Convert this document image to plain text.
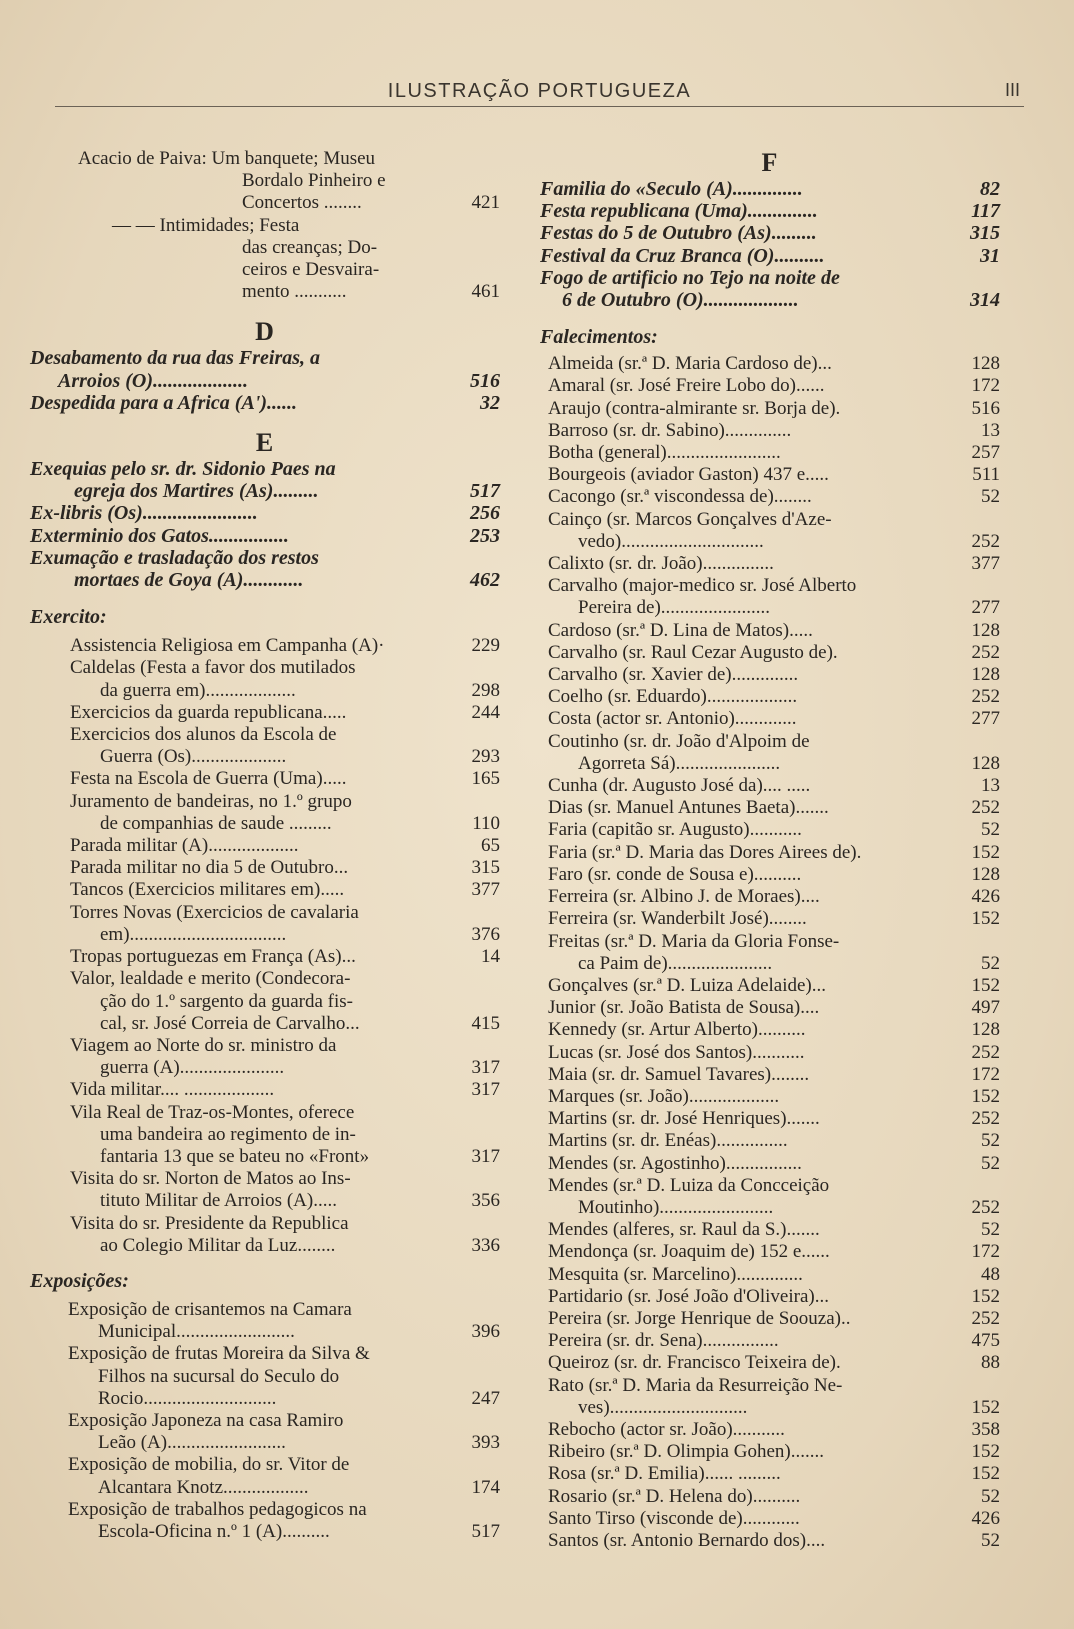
ILUSTRAÇÃO PORTUGUEZA	III
Acacio de Paiva: Um banquete; Museu
Bordalo Pinheiro e
Concertos ........	421
— — Intimidades; Festa
das creanças; Do-
ceiros e Desvaira-
mento ...........	461
D
Desabamento da rua das Freiras, a
Arroios (O)...................	516
Despedida para a Africa (A')......	32
E
Exequias pelo sr. dr. Sidonio Paes na
egreja dos Martires (As).........	517
Ex-libris (Os).......................	256
Exterminio dos Gatos................	253
Exumação e trasladação dos restos
mortaes de Goya (A)............	462
Exercito:
Assistencia Religiosa em Campanha (A)·	229
Caldelas (Festa a favor dos mutilados
da guerra em)...................	298
Exercicios da guarda republicana.....	244
Exercicios dos alunos da Escola de
Guerra (Os)....................	293
Festa na Escola de Guerra (Uma).....	165
Juramento de bandeiras, no 1.º grupo
de companhias de saude .........	110
Parada militar (A)...................	65
Parada militar no dia 5 de Outubro...	315
Tancos (Exercicios militares em).....	377
Torres Novas (Exercicios de cavalaria
em).................................	376
Tropas portuguezas em França (As)...	14
Valor, lealdade e merito (Condecora-
ção do 1.º sargento da guarda fis-
cal, sr. José Correia de Carvalho...	415
Viagem ao Norte do sr. ministro da
guerra (A)......................	317
Vida militar.... ...................	317
Vila Real de Traz-os-Montes, oferece
uma bandeira ao regimento de in-
fantaria 13 que se bateu no «Front»	317
Visita do sr. Norton de Matos ao Ins-
tituto Militar de Arroios (A).....	356
Visita do sr. Presidente da Republica
ao Colegio Militar da Luz........	336
Exposições:
Exposição de crisantemos na Camara
Municipal.........................	396
Exposição de frutas Moreira da Silva &
Filhos na sucursal do Seculo do
Rocio............................	247
Exposição Japoneza na casa Ramiro
Leão (A).........................	393
Exposição de mobilia, do sr. Vitor de
Alcantara Knotz..................	174
Exposição de trabalhos pedagogicos na
Escola-Oficina n.º 1 (A)..........	517
F
Familia do «Seculo (A)..............	82
Festa republicana (Uma)..............	117
Festas do 5 de Outubro (As).........	315
Festival da Cruz Branca (O)..........	31
Fogo de artificio no Tejo na noite de
6 de Outubro (O)...................	314
Falecimentos:
Almeida (sr.ª D. Maria Cardoso de)...	128
Amaral (sr. José Freire Lobo do)......	172
Araujo (contra-almirante sr. Borja de).	516
Barroso (sr. dr. Sabino)..............	13
Botha (general)........................	257
Bourgeois (aviador Gaston) 437 e.....	511
Cacongo (sr.ª viscondessa de)........	52
Cainço (sr. Marcos Gonçalves d'Aze-
vedo)..............................	252
Calixto (sr. dr. João)...............	377
Carvalho (major-medico sr. José Alberto
Pereira de).......................	277
Cardoso (sr.ª D. Lina de Matos).....	128
Carvalho (sr. Raul Cezar Augusto de).	252
Carvalho (sr. Xavier de)..............	128
Coelho (sr. Eduardo)...................	252
Costa (actor sr. Antonio).............	277
Coutinho (sr. dr. João d'Alpoim de
Agorreta Sá)......................	128
Cunha (dr. Augusto José da).... .....	13
Dias (sr. Manuel Antunes Baeta).......	252
Faria (capitão sr. Augusto)...........	52
Faria (sr.ª D. Maria das Dores Airees de).	152
Faro (sr. conde de Sousa e)..........	128
Ferreira (sr. Albino J. de Moraes)....	426
Ferreira (sr. Wanderbilt José)........	152
Freitas (sr.ª D. Maria da Gloria Fonse-
ca Paim de)......................	52
Gonçalves (sr.ª D. Luiza Adelaide)...	152
Junior (sr. João Batista de Sousa)....	497
Kennedy (sr. Artur Alberto)..........	128
Lucas (sr. José dos Santos)...........	252
Maia (sr. dr. Samuel Tavares)........	172
Marques (sr. João)...................	152
Martins (sr. dr. José Henriques).......	252
Martins (sr. dr. Enéas)...............	52
Mendes (sr. Agostinho)................	52
Mendes (sr.ª D. Luiza da Concceição
Moutinho)........................	252
Mendes (alferes, sr. Raul da S.).......	52
Mendonça (sr. Joaquim de) 152 e......	172
Mesquita (sr. Marcelino)..............	48
Partidario (sr. José João d'Oliveira)...	152
Pereira (sr. Jorge Henrique de Soouza)..	252
Pereira (sr. dr. Sena)................	475
Queiroz (sr. dr. Francisco Teixeira de).	88
Rato (sr.ª D. Maria da Resurreição Ne-
ves).............................	152
Rebocho (actor sr. João)...........	358
Ribeiro (sr.ª D. Olimpia Gohen).......	152
Rosa (sr.ª D. Emilia)...... .........	152
Rosario (sr.ª D. Helena do)..........	52
Santo Tirso (visconde de)............	426
Santos (sr. Antonio Bernardo dos)....	52
